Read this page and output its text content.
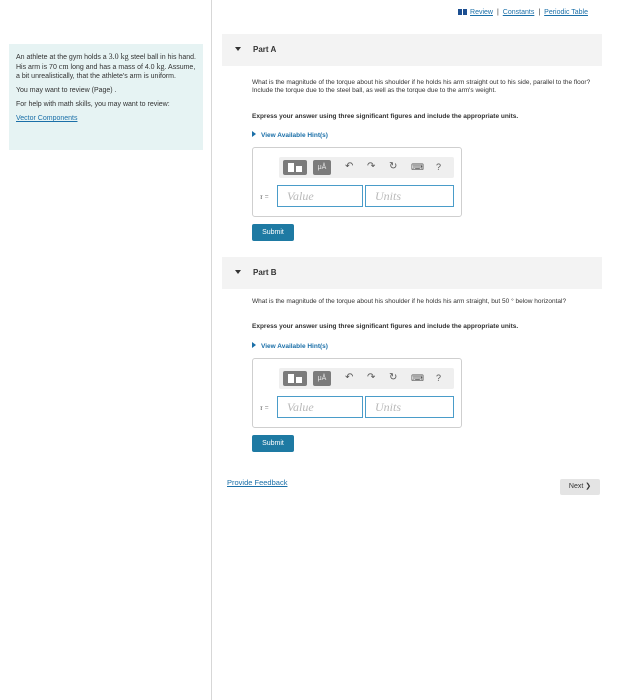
An athlete at the gym holds a 3.0 kg steel ball in his hand. His arm is 70 cm long and has a mass of 4.0 kg. Assume, a bit unrealistically, that the athlete's arm is uniform.

You may want to review (Page) .

For help with math skills, you may want to review:

Vector Components

Review | Constants | Periodic Table
Part A
What is the magnitude of the torque about his shoulder if he holds his arm straight out to his side, parallel to the floor? Include the torque due to the steel ball, as well as the torque due to the arm's weight.
Express your answer using three significant figures and include the appropriate units.
View Available Hint(s)
μÅ	↶ ↷ ↻ ⌨ ?
τ =	Value	Units
Submit
Part B
What is the magnitude of the torque about his shoulder if he holds his arm straight, but 50 ° below horizontal?
Express your answer using three significant figures and include the appropriate units.
View Available Hint(s)
μÅ	↶ ↷ ↻ ⌨ ?
τ =	Value	Units
Submit
Provide Feedback	Next ❯
